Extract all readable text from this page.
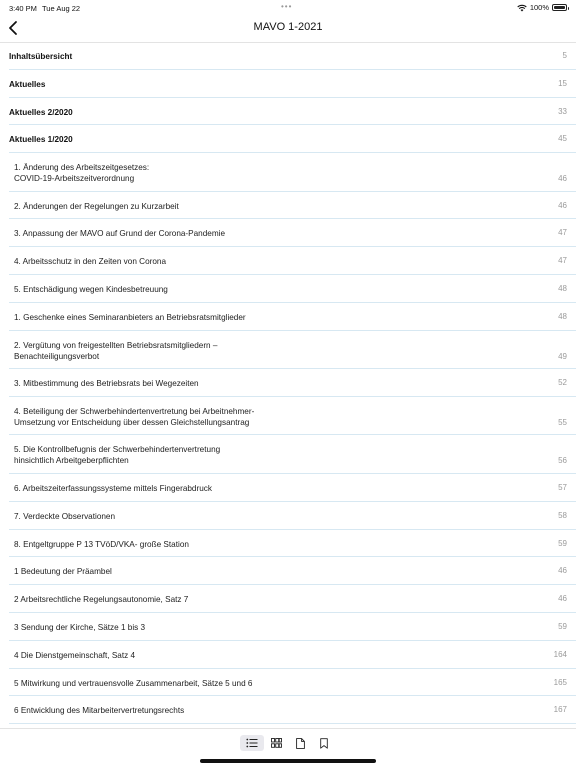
3:40 PM Tue Aug 22	•••	100%
MAVO 1-2021
Inhaltsübersicht	5
Aktuelles	15
Aktuelles 2/2020	33
Aktuelles 1/2020	45
1. Änderung des Arbeitszeitgesetzes:
COVID-19-Arbeitszeitverordnung	46
2. Änderungen der Regelungen zu Kurzarbeit	46
3. Anpassung der MAVO auf Grund der Corona-Pandemie	47
4. Arbeitsschutz in den Zeiten von Corona	47
5. Entschädigung wegen Kindesbetreuung	48
1. Geschenke eines Seminaranbieters an Betriebsratsmitglieder	48
2. Vergütung von freigestellten Betriebsratsmitgliedern –
Benachteiligungsverbot	49
3. Mitbestimmung des Betriebsrats bei Wegezeiten	52
4. Beteiligung der Schwerbehindertenvertretung bei Arbeitnehmer-
Umsetzung vor Entscheidung über dessen Gleichstellungsantrag	55
5. Die Kontrollbefugnis der Schwerbehindertenvertretung
hinsichtlich Arbeitgeberpflichten	56
6. Arbeitszeiterfassungssysteme mittels Fingerabdruck	57
7. Verdeckte Observationen	58
8. Entgeltgruppe P 13 TVöD/VKA- große Station	59
1 Bedeutung der Präambel	46
2 Arbeitsrechtliche Regelungsautonomie, Satz 7	46
3 Sendung der Kirche, Sätze 1 bis 3	59
4 Die Dienstgemeinschaft, Satz 4	164
5 Mitwirkung und vertrauensvolle Zusammenarbeit, Sätze 5 und 6	165
6 Entwicklung des Mitarbeitervertretungsrechts	167
